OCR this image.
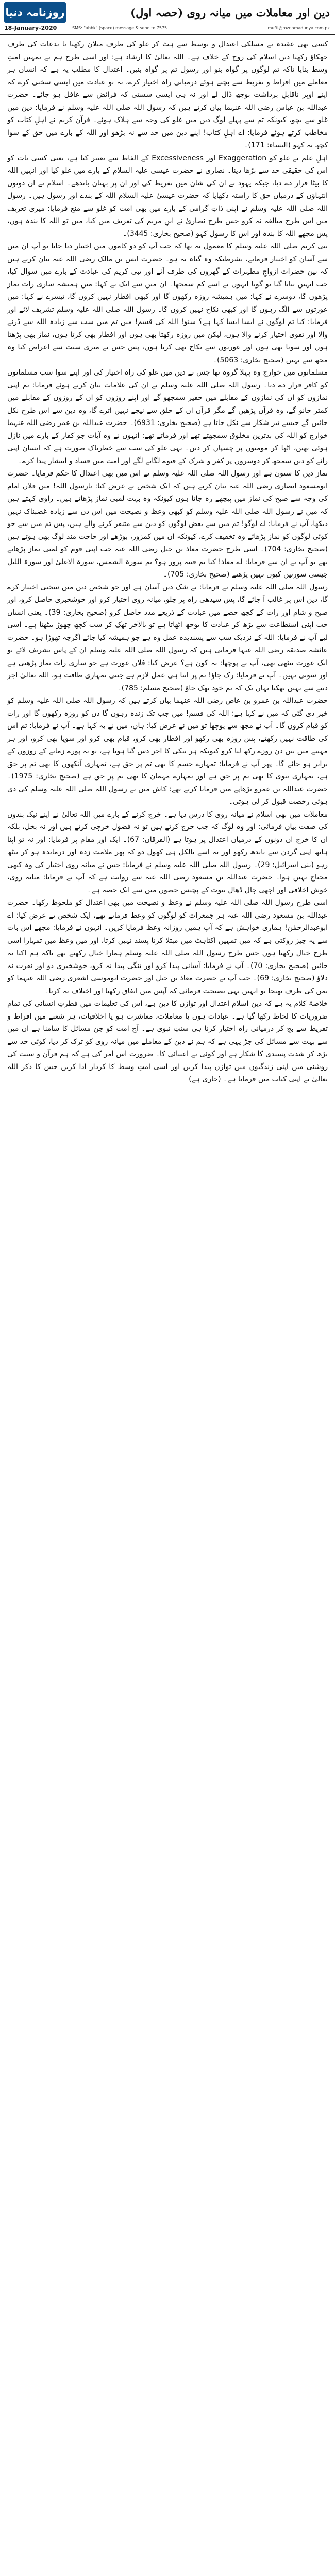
روزنامہ دنیا
18-January-2020
دین اور معاملات میں میانہ روی (حصہ اول)
SMS: "abbk" (space) message & send to 7575	mufti@roznamadunya.com.pk

کسی بھی عقیدہ نے مسلکی اعتدال و توسط سے ہٹ کر غلو کی طرف میلان رکھنا یا بدعات کی طرف جھکاؤ رکھنا دین اسلام کی روح کے خلاف ہے۔ اللہ تعالیٰ کا ارشاد ہے: اور اسی طرح ہم نے تمہیں امتِ وسط بنایا تاکہ تم لوگوں پر گواہ بنو اور رسول تم پر گواہ بنیں۔ اعتدال کا مطلب یہ ہے کہ انسان ہر معاملے میں افراط و تفریط سے بچتے ہوئے درمیانی راہ اختیار کرے، نہ تو عبادت میں ایسی سختی کرے کہ اپنے اوپر ناقابلِ برداشت بوجھ ڈال لے اور نہ ہی ایسی سستی کہ فرائض سے غافل ہو جائے۔ حضرت عبداللہ بن عباس رضی اللہ عنہما بیان کرتے ہیں کہ رسول اللہ صلی اللہ علیہ وسلم نے فرمایا: دین میں غلو سے بچو، کیونکہ تم سے پہلے لوگ دین میں غلو کی وجہ سے ہلاک ہوئے۔ قرآن کریم نے اہلِ کتاب کو مخاطب کرتے ہوئے فرمایا: اے اہلِ کتاب! اپنے دین میں حد سے نہ بڑھو اور اللہ کے بارے میں حق کے سوا کچھ نہ کہو (النساء: 171)۔

اہلِ علم نے غلو کو Exaggeration اور Excessiveness کے الفاظ سے تعبیر کیا ہے، یعنی کسی بات کو اس کی حقیقی حد سے بڑھا دینا۔ نصاریٰ نے حضرت عیسیٰ علیہ السلام کے بارے میں غلو کیا اور انہیں اللہ کا بیٹا قرار دے دیا، جبکہ یہود نے ان کی شان میں تفریط کی اور ان پر بہتان باندھے۔ اسلام نے ان دونوں انتہاؤں کے درمیان حق کا راستہ دکھایا کہ حضرت عیسیٰ علیہ السلام اللہ کے بندے اور رسول ہیں۔ رسول اللہ صلی اللہ علیہ وسلم نے اپنی ذاتِ گرامی کے بارے میں بھی امت کو غلو سے منع فرمایا: میری تعریف میں اس طرح مبالغہ نہ کرو جس طرح نصاریٰ نے ابنِ مریم کی تعریف میں کیا، میں تو اللہ کا بندہ ہوں، پس مجھے اللہ کا بندہ اور اس کا رسول کہو (صحیح بخاری: 3445)۔

نبی کریم صلی اللہ علیہ وسلم کا معمول یہ تھا کہ جب آپ کو دو کاموں میں اختیار دیا جاتا تو آپ ان میں سے آسان کو اختیار فرماتے، بشرطیکہ وہ گناہ نہ ہو۔ حضرت انس بن مالک رضی اللہ عنہ بیان کرتے ہیں کہ تین حضرات ازواجِ مطہرات کے گھروں کی طرف آئے اور نبی کریم کی عبادت کے بارے میں سوال کیا، جب انہیں بتایا گیا تو گویا انہوں نے اسے کم سمجھا۔ ان میں سے ایک نے کہا: میں ہمیشہ ساری رات نماز پڑھوں گا، دوسرے نے کہا: میں ہمیشہ روزہ رکھوں گا اور کبھی افطار نہیں کروں گا، تیسرے نے کہا: میں عورتوں سے الگ رہوں گا اور کبھی نکاح نہیں کروں گا۔ رسول اللہ صلی اللہ علیہ وسلم تشریف لائے اور فرمایا: کیا تم لوگوں نے ایسا ایسا کہا ہے؟ سنو! اللہ کی قسم! میں تم میں سب سے زیادہ اللہ سے ڈرنے والا اور تقویٰ اختیار کرنے والا ہوں، لیکن میں روزہ رکھتا بھی ہوں اور افطار بھی کرتا ہوں، نماز بھی پڑھتا ہوں اور سوتا بھی ہوں اور عورتوں سے نکاح بھی کرتا ہوں، پس جس نے میری سنت سے اعراض کیا وہ مجھ سے نہیں (صحیح بخاری: 5063)۔

مسلمانوں میں خوارج وہ پہلا گروہ تھا جس نے دین میں غلو کی راہ اختیار کی اور اپنے سوا سب مسلمانوں کو کافر قرار دے دیا۔ رسول اللہ صلی اللہ علیہ وسلم نے ان کی علامات بیان کرتے ہوئے فرمایا: تم اپنی نمازوں کو ان کی نمازوں کے مقابلے میں حقیر سمجھو گے اور اپنے روزوں کو ان کے روزوں کے مقابلے میں کمتر جانو گے، وہ قرآن پڑھیں گے مگر قرآن ان کے حلق سے نیچے نہیں اترے گا، وہ دین سے اس طرح نکل جائیں گے جیسے تیر شکار سے نکل جاتا ہے (صحیح بخاری: 6931)۔ حضرت عبداللہ بن عمر رضی اللہ عنہما خوارج کو اللہ کی بدترین مخلوق سمجھتے تھے اور فرماتے تھے: انہوں نے وہ آیات جو کفار کے بارے میں نازل ہوئی تھیں، اٹھا کر مومنوں پر چسپاں کر دیں۔ یہی غلو کی سب سے خطرناک صورت ہے کہ انسان اپنی رائے کو دین سمجھ کر دوسروں پر کفر و شرک کے فتوے لگانے لگے اور امت میں فساد و انتشار پیدا کرے۔

نماز دین کا ستون ہے اور رسول اللہ صلی اللہ علیہ وسلم نے اس میں بھی اعتدال کا حکم فرمایا۔ حضرت ابومسعود انصاری رضی اللہ عنہ بیان کرتے ہیں کہ ایک شخص نے عرض کیا: یارسول اللہ! میں فلاں امام کی وجہ سے صبح کی نماز میں پیچھے رہ جاتا ہوں کیونکہ وہ بہت لمبی نماز پڑھاتے ہیں۔ راوی کہتے ہیں کہ میں نے رسول اللہ صلی اللہ علیہ وسلم کو کبھی وعظ و نصیحت میں اس دن سے زیادہ غضبناک نہیں دیکھا، آپ نے فرمایا: اے لوگو! تم میں سے بعض لوگوں کو دین سے متنفر کرنے والے ہیں، پس تم میں سے جو کوئی لوگوں کو نماز پڑھائے وہ تخفیف کرے، کیونکہ ان میں کمزور، بوڑھے اور حاجت مند لوگ بھی ہوتے ہیں (صحیح بخاری: 704)۔ اسی طرح حضرت معاذ بن جبل رضی اللہ عنہ جب اپنی قوم کو لمبی نماز پڑھاتے تھے تو آپ نے ان سے فرمایا: اے معاذ! کیا تم فتنہ پرور ہو؟ تم سورۃ الشمس، سورۃ الاعلیٰ اور سورۃ اللیل جیسی سورتیں کیوں نہیں پڑھتے (صحیح بخاری: 705)۔

رسول اللہ صلی اللہ علیہ وسلم نے فرمایا: بے شک دین آسان ہے اور جو شخص دین میں سختی اختیار کرے گا، دین اس پر غالب آ جائے گا، پس سیدھی راہ پر چلو، میانہ روی اختیار کرو اور خوشخبری حاصل کرو، اور صبح و شام اور رات کے کچھ حصے میں عبادت کے ذریعے مدد حاصل کرو (صحیح بخاری: 39)۔ یعنی انسان جب اپنی استطاعت سے بڑھ کر عبادت کا بوجھ اٹھاتا ہے تو بالآخر تھک کر سب کچھ چھوڑ بیٹھتا ہے۔ اسی لیے آپ نے فرمایا: اللہ کے نزدیک سب سے پسندیدہ عمل وہ ہے جو ہمیشہ کیا جائے اگرچہ تھوڑا ہو۔ حضرت عائشہ صدیقہ رضی اللہ عنہا فرماتی ہیں کہ رسول اللہ صلی اللہ علیہ وسلم ان کے پاس تشریف لائے تو ایک عورت بیٹھی تھی، آپ نے پوچھا: یہ کون ہے؟ عرض کیا: فلاں عورت ہے جو ساری رات نماز پڑھتی ہے اور سوتی نہیں۔ آپ نے فرمایا: رک جاؤ! تم پر اتنا ہی عمل لازم ہے جتنی تمہاری طاقت ہو، اللہ تعالیٰ اجر دینے سے نہیں تھکتا یہاں تک کہ تم خود تھک جاؤ (صحیح مسلم: 785)۔

حضرت عبداللہ بن عمرو بن عاص رضی اللہ عنہما بیان کرتے ہیں کہ رسول اللہ صلی اللہ علیہ وسلم کو خبر دی گئی کہ میں نے کہا ہے: اللہ کی قسم! میں جب تک زندہ رہوں گا دن کو روزہ رکھوں گا اور رات کو قیام کروں گا۔ آپ نے مجھ سے پوچھا تو میں نے عرض کیا: ہاں، میں نے یہ کہا ہے۔ آپ نے فرمایا: تم اس کی طاقت نہیں رکھتے، پس روزہ بھی رکھو اور افطار بھی کرو، قیام بھی کرو اور سویا بھی کرو، اور ہر مہینے میں تین دن روزے رکھ لیا کرو کیونکہ ہر نیکی کا اجر دس گنا ہوتا ہے، تو یہ پورے زمانے کے روزوں کے برابر ہو جائے گا۔ پھر آپ نے فرمایا: تمہارے جسم کا بھی تم پر حق ہے، تمہاری آنکھوں کا بھی تم پر حق ہے، تمہاری بیوی کا بھی تم پر حق ہے اور تمہارے مہمان کا بھی تم پر حق ہے (صحیح بخاری: 1975)۔ حضرت عبداللہ بن عمرو بڑھاپے میں فرمایا کرتے تھے: کاش میں نے رسول اللہ صلی اللہ علیہ وسلم کی دی ہوئی رخصت قبول کر لی ہوتی۔

معاملات میں بھی اسلام نے میانہ روی کا درس دیا ہے۔ خرچ کرنے کے بارے میں اللہ تعالیٰ نے اپنے نیک بندوں کی صفت بیان فرمائی: اور وہ لوگ کہ جب خرچ کرتے ہیں تو نہ فضول خرچی کرتے ہیں اور نہ بخل، بلکہ ان کا خرچ ان دونوں کے درمیان اعتدال پر ہوتا ہے (الفرقان: 67)۔ ایک اور مقام پر فرمایا: اور نہ تو اپنا ہاتھ اپنی گردن سے باندھ رکھو اور نہ اسے بالکل ہی کھول دو کہ پھر ملامت زدہ اور درماندہ ہو کر بیٹھ رہو (بنی اسرائیل: 29)۔ رسول اللہ صلی اللہ علیہ وسلم نے فرمایا: جس نے میانہ روی اختیار کی وہ کبھی محتاج نہیں ہوا۔ حضرت عبداللہ بن مسعود رضی اللہ عنہ سے روایت ہے کہ آپ نے فرمایا: میانہ روی، خوش اخلاقی اور اچھی چال ڈھال نبوت کے پچیس حصوں میں سے ایک حصہ ہے۔

اسی طرح رسول اللہ صلی اللہ علیہ وسلم نے وعظ و نصیحت میں بھی اعتدال کو ملحوظ رکھا۔ حضرت عبداللہ بن مسعود رضی اللہ عنہ ہر جمعرات کو لوگوں کو وعظ فرماتے تھے، ایک شخص نے عرض کیا: اے ابوعبدالرحمٰن! ہماری خواہش ہے کہ آپ ہمیں روزانہ وعظ فرمایا کریں۔ انہوں نے فرمایا: مجھے اس بات سے یہ چیز روکتی ہے کہ میں تمہیں اکتاہٹ میں مبتلا کرنا پسند نہیں کرتا، اور میں وعظ میں تمہارا اسی طرح خیال رکھتا ہوں جس طرح رسول اللہ صلی اللہ علیہ وسلم ہمارا خیال رکھتے تھے تاکہ ہم اکتا نہ جائیں (صحیح بخاری: 70)۔ آپ نے فرمایا: آسانی پیدا کرو اور تنگی پیدا نہ کرو، خوشخبری دو اور نفرت نہ دلاؤ (صحیح بخاری: 69)۔ جب آپ نے حضرت معاذ بن جبل اور حضرت ابوموسیٰ اشعری رضی اللہ عنہما کو یمن کی طرف بھیجا تو انہیں یہی نصیحت فرمائی کہ آپس میں اتفاق رکھنا اور اختلاف نہ کرنا۔

خلاصۂ کلام یہ ہے کہ دین اسلام اعتدال اور توازن کا دین ہے، اس کی تعلیمات میں فطرتِ انسانی کی تمام ضروریات کا لحاظ رکھا گیا ہے۔ عبادات ہوں یا معاملات، معاشرت ہو یا اخلاقیات، ہر شعبے میں افراط و تفریط سے بچ کر درمیانی راہ اختیار کرنا ہی سنتِ نبوی ہے۔ آج امت کو جن مسائل کا سامنا ہے ان میں سے بہت سے مسائل کی جڑ یہی ہے کہ ہم نے دین کے معاملے میں میانہ روی کو ترک کر دیا، کوئی حد سے بڑھ کر شدت پسندی کا شکار ہے اور کوئی بے اعتنائی کا۔ ضرورت اس امر کی ہے کہ ہم قرآن و سنت کی روشنی میں اپنی زندگیوں میں توازن پیدا کریں اور اسی امتِ وسط کا کردار ادا کریں جس کا ذکر اللہ تعالیٰ نے اپنی کتاب میں فرمایا ہے۔ (جاری ہے)
